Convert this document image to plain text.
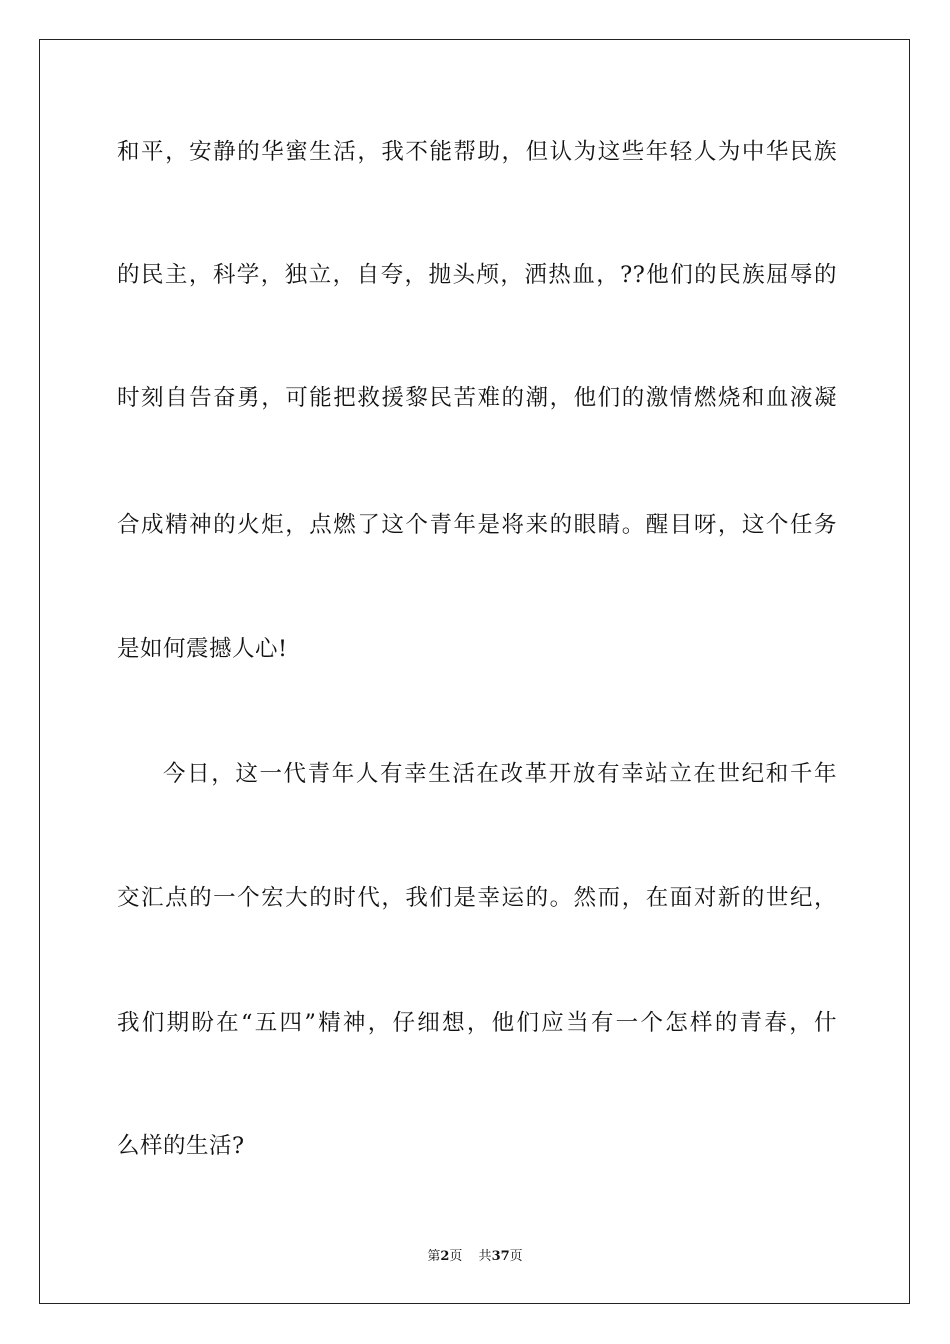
和平，安静的华蜜生活，我不能帮助，但认为这些年轻人为中华民族
的民主，科学，独立，自夸，抛头颅，洒热血，??他们的民族屈辱的
时刻自告奋勇，可能把救援黎民苦难的潮，他们的激情燃烧和血液凝
合成精神的火炬，点燃了这个青年是将来的眼睛。醒目呀，这个任务
是如何震撼人心!
今日，这一代青年人有幸生活在改革开放有幸站立在世纪和千年
交汇点的一个宏大的时代，我们是幸运的。然而，在面对新的世纪，
我们期盼在“五四”精神，仔细想，他们应当有一个怎样的青春，什
么样的生活?
第2页 共37页
